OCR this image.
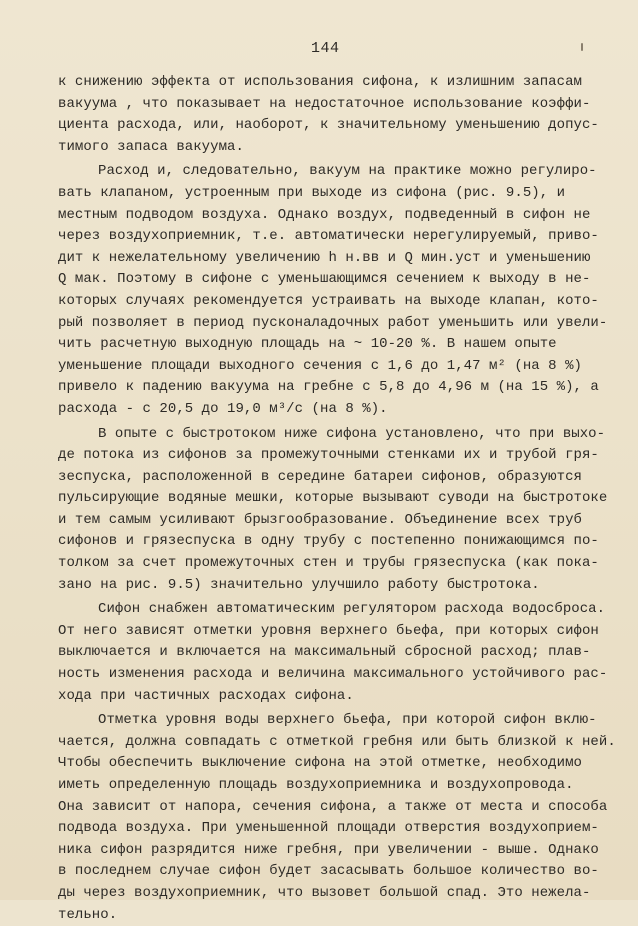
144
к снижению эффекта от использования сифона, к излишним запасам
вакуума , что показывает на недостаточное использование коэффи-
циента расхода, или, наоборот, к значительному уменьшению допус-
тимого запаса вакуума.
Расход и, следовательно, вакуум на практике можно регулиро-
вать клапаном, устроенным при выходе из сифона (рис. 9.5), и
местным подводом воздуха. Однако воздух, подведенный в сифон не
через воздухоприемник, т.е. автоматически нерегулируемый, приво-
дит к нежелательному увеличению h н.вв и Q мин.уст и уменьшению
Q мак. Поэтому в сифоне с уменьшающимся сечением к выходу в не-
которых случаях рекомендуется устраивать на выходе клапан, кото-
рый позволяет в период пусконаладочных работ уменьшить или увели-
чить расчетную выходную площадь на ~ 10-20 %. В нашем опыте
уменьшение площади выходного сечения с 1,6 до 1,47 м² (на 8 %)
привело к падению вакуума на гребне с 5,8 до 4,96 м (на 15 %), а
расхода - с 20,5 до 19,0 м³/с (на 8 %).
В опыте с быстротоком ниже сифона установлено, что при выхо-
де потока из сифонов за промежуточными стенками их и трубой гря-
зеспуска, расположенной в середине батареи сифонов, образуются
пульсирующие водяные мешки, которые вызывают суводи на быстротоке
и тем самым усиливают брызгообразование. Объединение всех труб
сифонов и грязеспуска в одну трубу с постепенно понижающимся по-
толком за счет промежуточных стен и трубы грязеспуска (как пока-
зано на рис. 9.5) значительно улучшило работу быстротока.
Сифон снабжен автоматическим регулятором расхода водосброса.
От него зависят отметки уровня верхнего бьефа, при которых сифон
выключается и включается на максимальный сбросной расход; плав-
ность изменения расхода и величина максимального устойчивого рас-
хода при частичных расходах сифона.
Отметка уровня воды верхнего бьефа, при которой сифон вклю-
чается, должна совпадать с отметкой гребня или быть близкой к ней.
Чтобы обеспечить выключение сифона на этой отметке, необходимо
иметь определенную площадь воздухоприемника и воздухопровода.
Она зависит от напора, сечения сифона, а также от места и способа
подвода воздуха. При уменьшенной площади отверстия воздухоприем-
ника сифон разрядится ниже гребня, при увеличении - выше. Однако
в последнем случае сифон будет засасывать большое количество во-
ды через воздухоприемник, что вызовет большой спад. Это нежела-
тельно.
